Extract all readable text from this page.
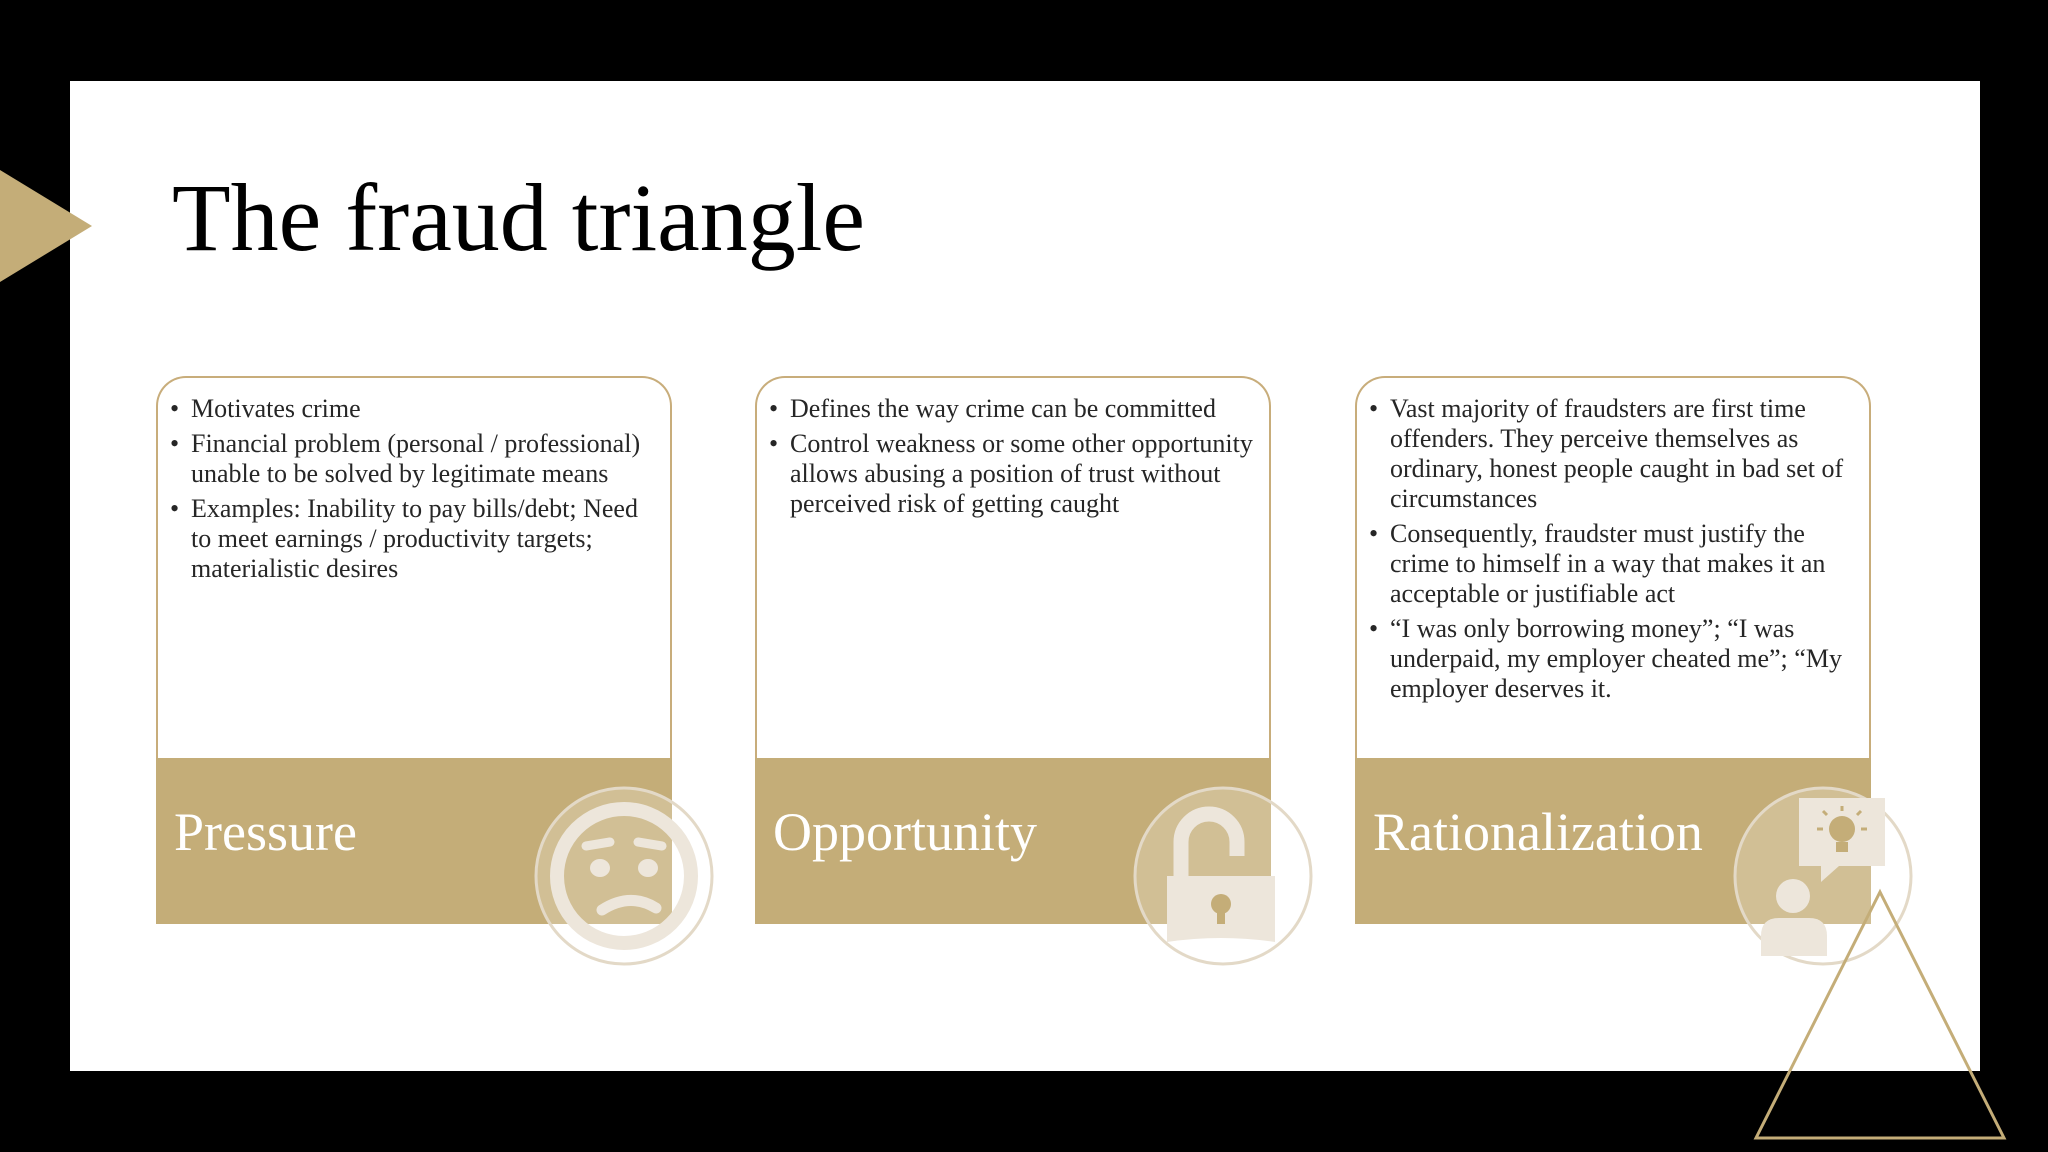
The fraud triangle
• Motivates crime
• Financial problem (personal / professional) unable to be solved by legitimate means
• Examples: Inability to pay bills/debt; Need to meet earnings / productivity targets; materialistic desires
Pressure
• Defines the way crime can be committed
• Control weakness or some other opportunity allows abusing a position of trust without perceived risk of getting caught
Opportunity
• Vast majority of fraudsters are first time offenders. They perceive themselves as ordinary, honest people caught in bad set of circumstances
• Consequently, fraudster must justify the crime to himself in a way that makes it an acceptable or justifiable act
• “I was only borrowing money”; “I was underpaid, my employer cheated me”; “My employer deserves it.
Rationalization
